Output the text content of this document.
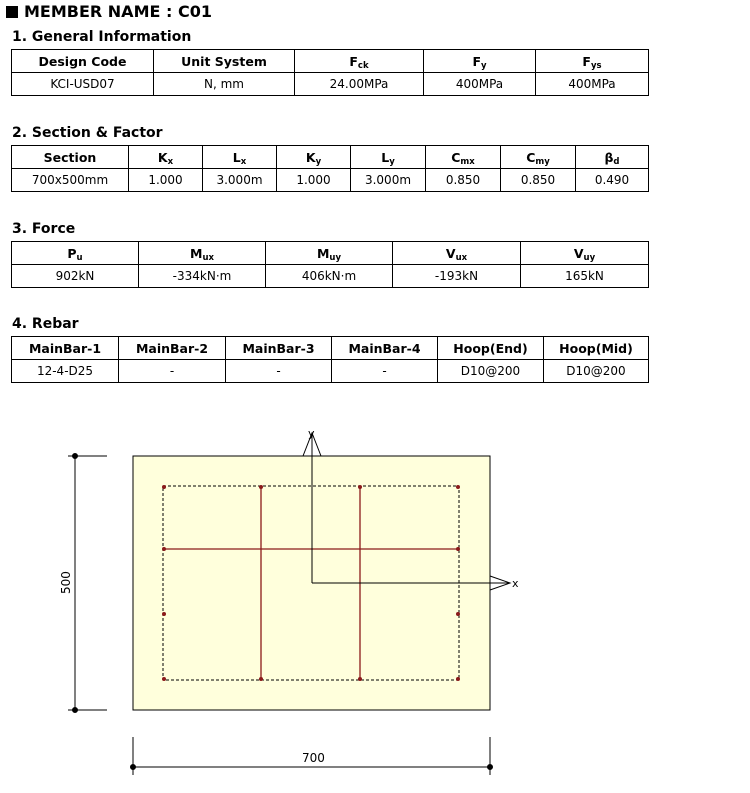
MEMBER NAME : C01
1. General Information
Design Code	Unit System	$F_{ck}$	$F_y$	$F_{ys}$
KCI-USD07	N, mm	24.00MPa	400MPa	400MPa
2. Section & Factor
Section	$K_x$	$L_x$	$K_y$	$L_y$	$C_{mx}$	$C_{my}$	$\beta_d$
700x500mm	1.000	3.000m	1.000	3.000m	0.850	0.850	0.490
3. Force
$P_u$	$M_{ux}$	$M_{uy}$	$V_{ux}$	$V_{uy}$
902kN	-334kN·m	406kN·m	-193kN	165kN
4. Rebar
MainBar-1	MainBar-2	MainBar-3	MainBar-4	Hoop(End)	Hoop(Mid)
12-4-D25	-	-	-	D10@200	D10@200
y
x
500
700
